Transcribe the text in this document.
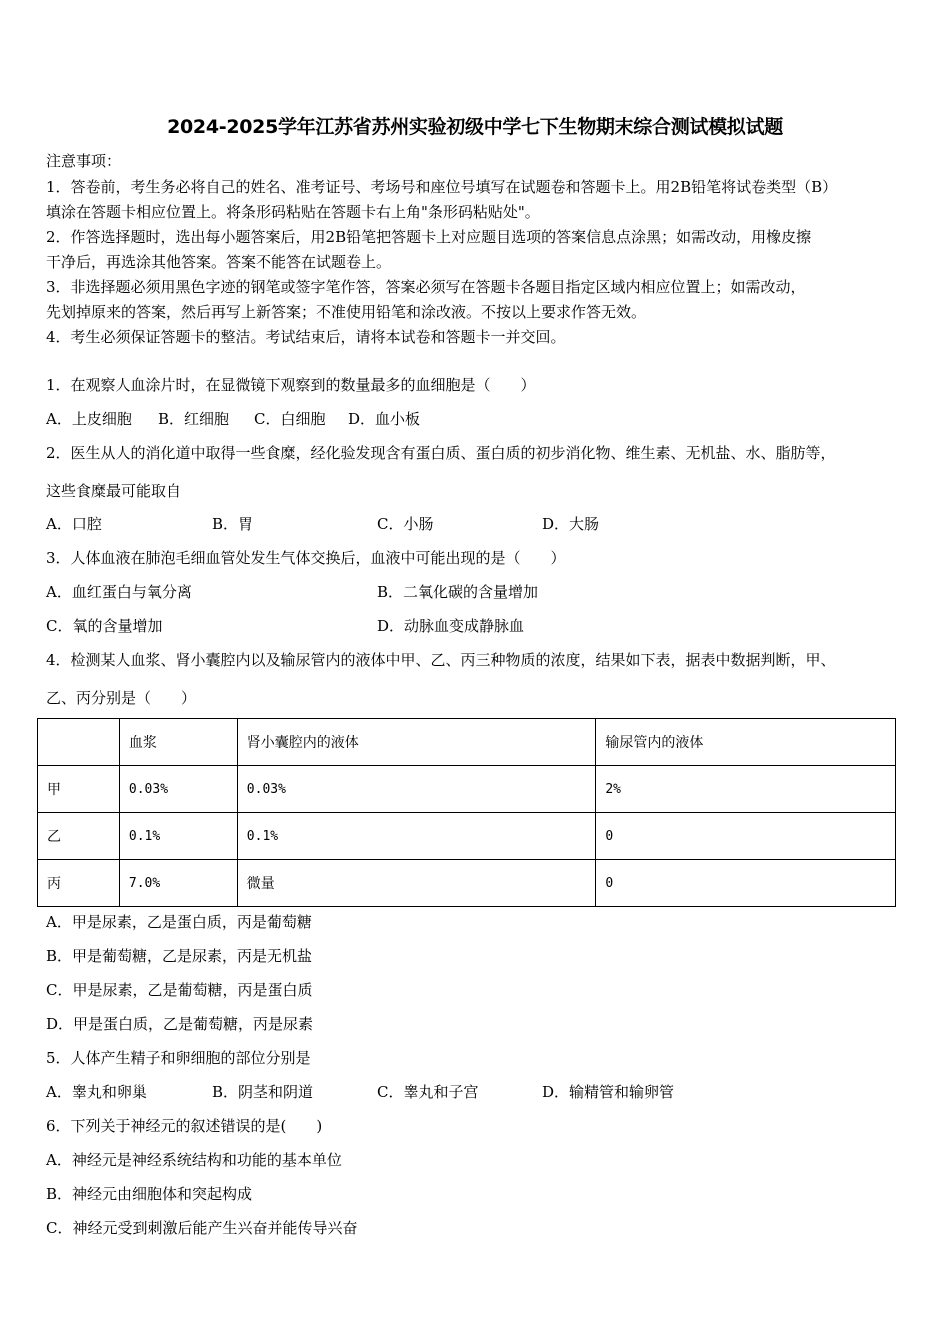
2024-2025学年江苏省苏州实验初级中学七下生物期末综合测试模拟试题
注意事项：
1．答卷前，考生务必将自己的姓名、准考证号、考场号和座位号填写在试题卷和答题卡上。用2B铅笔将试卷类型（B）
填涂在答题卡相应位置上。将条形码粘贴在答题卡右上角"条形码粘贴处"。
2．作答选择题时，选出每小题答案后，用2B铅笔把答题卡上对应题目选项的答案信息点涂黑；如需改动，用橡皮擦
干净后，再选涂其他答案。答案不能答在试题卷上。
3．非选择题必须用黑色字迹的钢笔或签字笔作答，答案必须写在答题卡各题目指定区域内相应位置上；如需改动，
先划掉原来的答案，然后再写上新答案；不准使用铅笔和涂改液。不按以上要求作答无效。
4．考生必须保证答题卡的整洁。考试结束后，请将本试卷和答题卡一并交回。
1．在观察人血涂片时，在显微镜下观察到的数量最多的血细胞是（　　）
A．上皮细胞 B．红细胞 C．白细胞 D．血小板
2．医生从人的消化道中取得一些食糜，经化验发现含有蛋白质、蛋白质的初步消化物、维生素、无机盐、水、脂肪等，
这些食糜最可能取自
A．口腔	B．胃	C．小肠	D．大肠
3．人体血液在肺泡毛细血管处发生气体交换后，血液中可能出现的是（　　）
A．血红蛋白与氧分离	B．二氧化碳的含量增加
C．氧的含量增加	D．动脉血变成静脉血
4．检测某人血浆、肾小囊腔内以及输尿管内的液体中甲、乙、丙三种物质的浓度，结果如下表，据表中数据判断，甲、
乙、丙分别是（　　）
	血浆	肾小囊腔内的液体	输尿管内的液体
甲	0.03%	0.03%	2%
乙	0.1%	0.1%	0
丙	7.0%	微量	0
A．甲是尿素，乙是蛋白质，丙是葡萄糖
B．甲是葡萄糖，乙是尿素，丙是无机盐
C．甲是尿素，乙是葡萄糖，丙是蛋白质
D．甲是蛋白质，乙是葡萄糖，丙是尿素
5．人体产生精子和卵细胞的部位分别是
A．睾丸和卵巢	B．阴茎和阴道	C．睾丸和子宫	D．输精管和输卵管
6．下列关于神经元的叙述错误的是(　　)
A．神经元是神经系统结构和功能的基本单位
B．神经元由细胞体和突起构成
C．神经元受到刺激后能产生兴奋并能传导兴奋
